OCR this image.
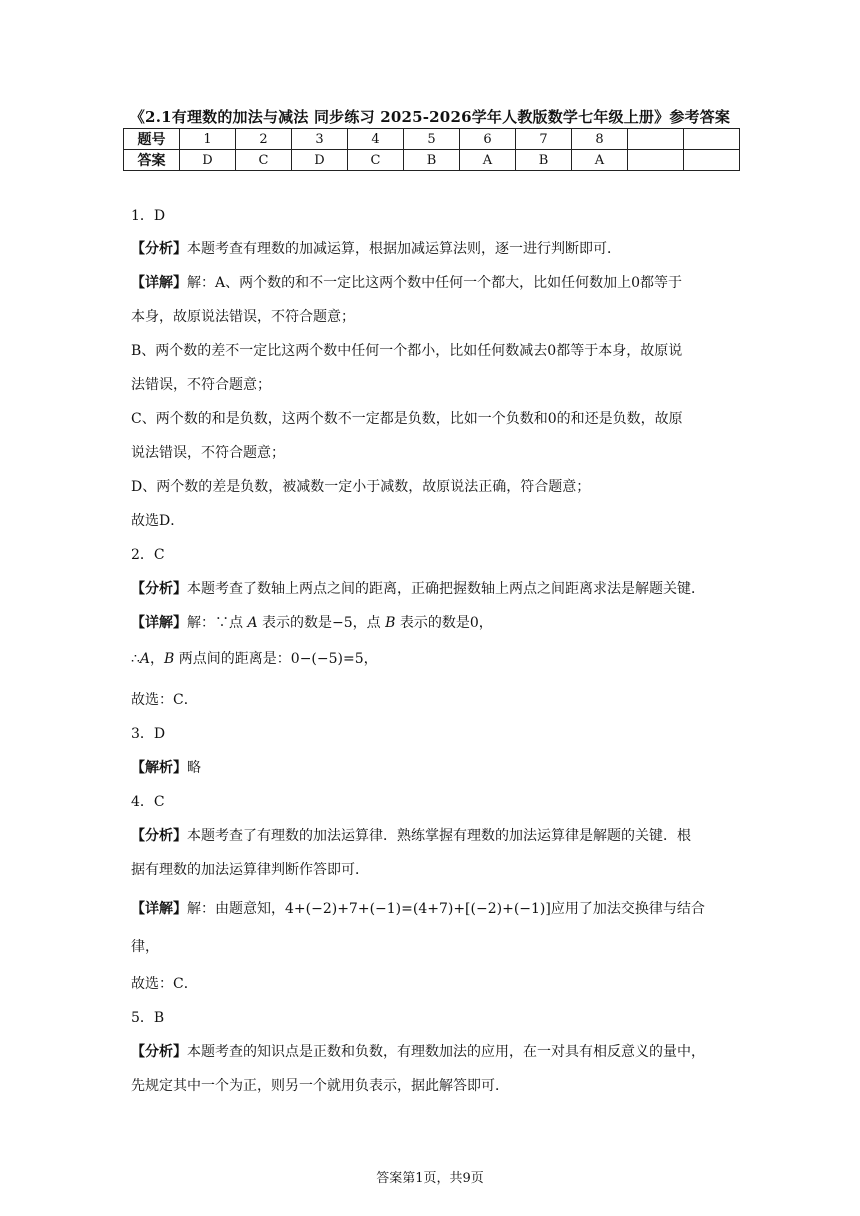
《2.1有理数的加法与减法 同步练习 2025-2026学年人教版数学七年级上册》参考答案
题号	1	2	3	4	5	6	7	8		
答案	D	C	D	C	B	A	B	A		
1．D
【分析】本题考查有理数的加减运算，根据加减运算法则，逐一进行判断即可．
【详解】解：A、两个数的和不一定比这两个数中任何一个都大，比如任何数加上0都等于
本身，故原说法错误，不符合题意；
B、两个数的差不一定比这两个数中任何一个都小，比如任何数减去0都等于本身，故原说
法错误，不符合题意；
C、两个数的和是负数，这两个数不一定都是负数，比如一个负数和0的和还是负数，故原
说法错误，不符合题意；
D、两个数的差是负数，被减数一定小于减数，故原说法正确，符合题意；
故选D．
2．C
【分析】本题考查了数轴上两点之间的距离，正确把握数轴上两点之间距离求法是解题关键．
【详解】解：∵点 A 表示的数是−5，点 B 表示的数是0，
∴A，B 两点间的距离是：0−(−5)=5，
故选：C．
3．D
【解析】略
4．C
【分析】本题考查了有理数的加法运算律．熟练掌握有理数的加法运算律是解题的关键．根
据有理数的加法运算律判断作答即可．
【详解】解：由题意知，4+(−2)+7+(−1)=(4+7)+[(−2)+(−1)]应用了加法交换律与结合
律，
故选：C．
5．B
【分析】本题考查的知识点是正数和负数，有理数加法的应用，在一对具有相反意义的量中，
先规定其中一个为正，则另一个就用负表示，据此解答即可．
答案第1页，共9页
